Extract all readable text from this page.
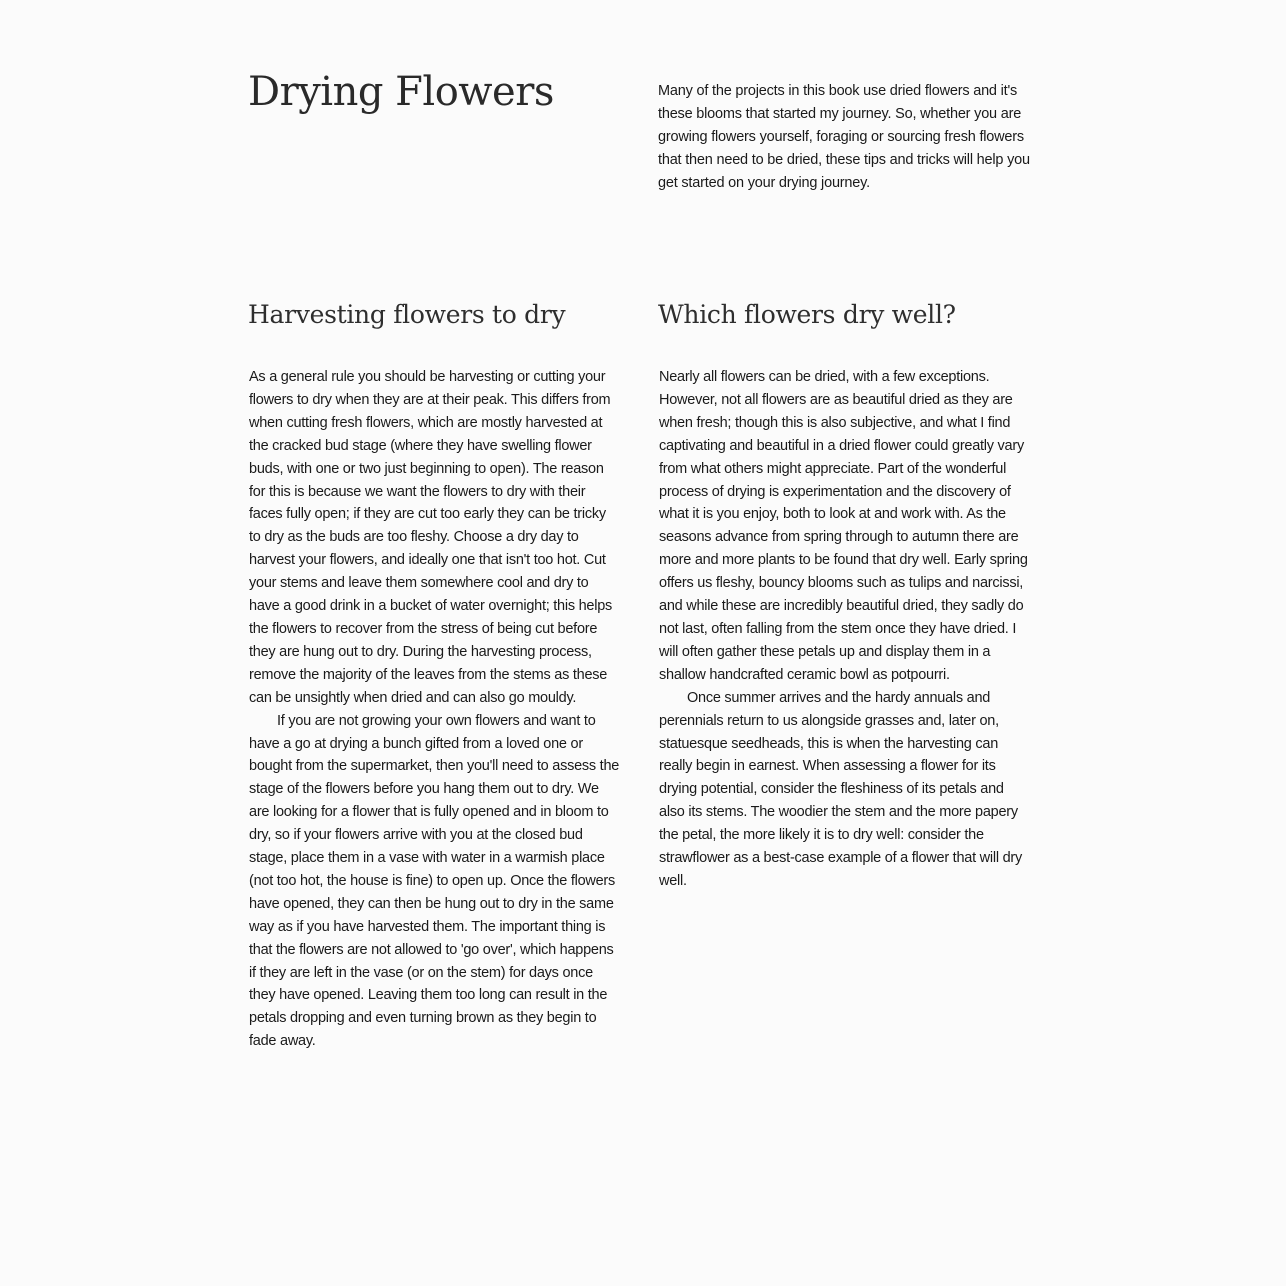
Drying Flowers	Many of the projects in this book use dried flowers and it's these blooms that started my journey. So, whether you are growing flowers yourself, foraging or sourcing fresh flowers that then need to be dried, these tips and tricks will help you get started on your drying journey.

Harvesting flowers to dry	Which flowers dry well?

As a general rule you should be harvesting or cutting your flowers to dry when they are at their peak. This differs from when cutting fresh flowers, which are mostly harvested at the cracked bud stage (where they have swelling flower buds, with one or two just beginning to open). The reason for this is because we want the flowers to dry with their faces fully open; if they are cut too early they can be tricky to dry as the buds are too fleshy. Choose a dry day to harvest your flowers, and ideally one that isn't too hot. Cut your stems and leave them somewhere cool and dry to have a good drink in a bucket of water overnight; this helps the flowers to recover from the stress of being cut before they are hung out to dry. During the harvesting process, remove the majority of the leaves from the stems as these can be unsightly when dried and can also go mouldy.

If you are not growing your own flowers and want to have a go at drying a bunch gifted from a loved one or bought from the supermarket, then you'll need to assess the stage of the flowers before you hang them out to dry. We are looking for a flower that is fully opened and in bloom to dry, so if your flowers arrive with you at the closed bud stage, place them in a vase with water in a warmish place (not too hot, the house is fine) to open up. Once the flowers have opened, they can then be hung out to dry in the same way as if you have harvested them. The important thing is that the flowers are not allowed to 'go over', which happens if they are left in the vase (or on the stem) for days once they have opened. Leaving them too long can result in the petals dropping and even turning brown as they begin to fade away.

Nearly all flowers can be dried, with a few exceptions. However, not all flowers are as beautiful dried as they are when fresh; though this is also subjective, and what I find captivating and beautiful in a dried flower could greatly vary from what others might appreciate. Part of the wonderful process of drying is experimentation and the discovery of what it is you enjoy, both to look at and work with. As the seasons advance from spring through to autumn there are more and more plants to be found that dry well. Early spring offers us fleshy, bouncy blooms such as tulips and narcissi, and while these are incredibly beautiful dried, they sadly do not last, often falling from the stem once they have dried. I will often gather these petals up and display them in a shallow handcrafted ceramic bowl as potpourri.

Once summer arrives and the hardy annuals and perennials return to us alongside grasses and, later on, statuesque seedheads, this is when the harvesting can really begin in earnest. When assessing a flower for its drying potential, consider the fleshiness of its petals and also its stems. The woodier the stem and the more papery the petal, the more likely it is to dry well: consider the strawflower as a best-case example of a flower that will dry well.
